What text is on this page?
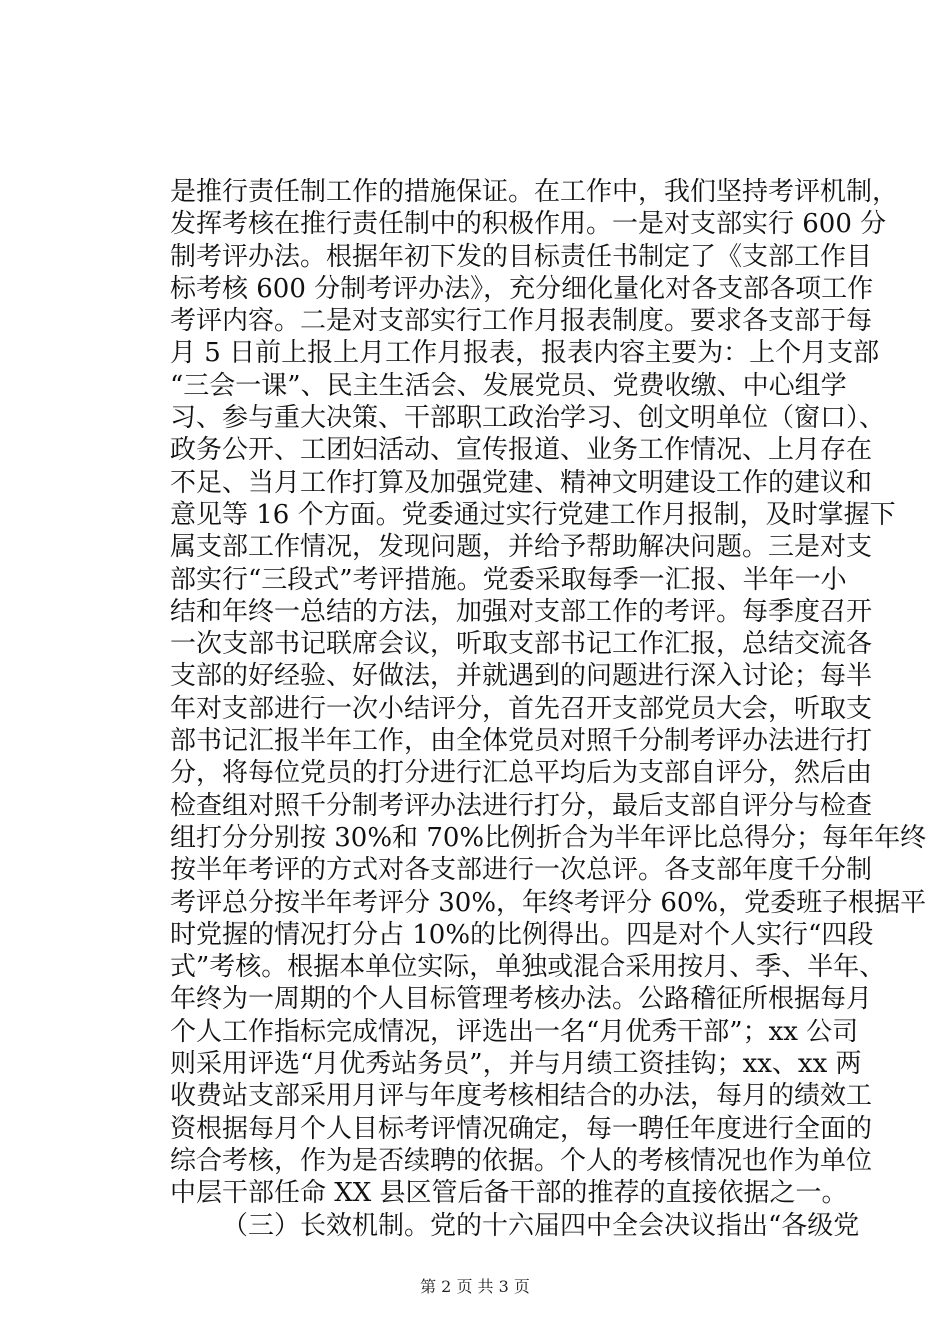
是推行责任制工作的措施保证。在工作中，我们坚持考评机制，
发挥考核在推行责任制中的积极作用。一是对支部实行 600 分
制考评办法。根据年初下发的目标责任书制定了《支部工作目
标考核 600 分制考评办法》，充分细化量化对各支部各项工作
考评内容。二是对支部实行工作月报表制度。要求各支部于每
月 5 日前上报上月工作月报表，报表内容主要为：上个月支部
“三会一课”、民主生活会、发展党员、党费收缴、中心组学
习、参与重大决策、干部职工政治学习、创文明单位（窗口）、
政务公开、工团妇活动、宣传报道、业务工作情况、上月存在
不足、当月工作打算及加强党建、精神文明建设工作的建议和
意见等 16 个方面。党委通过实行党建工作月报制，及时掌握下
属支部工作情况，发现问题，并给予帮助解决问题。三是对支
部实行“三段式”考评措施。党委采取每季一汇报、半年一小
结和年终一总结的方法，加强对支部工作的考评。每季度召开
一次支部书记联席会议，听取支部书记工作汇报，总结交流各
支部的好经验、好做法，并就遇到的问题进行深入讨论；每半
年对支部进行一次小结评分，首先召开支部党员大会，听取支
部书记汇报半年工作，由全体党员对照千分制考评办法进行打
分，将每位党员的打分进行汇总平均后为支部自评分，然后由
检查组对照千分制考评办法进行打分，最后支部自评分与检查
组打分分别按 30%和 70%比例折合为半年评比总得分；每年年终
按半年考评的方式对各支部进行一次总评。各支部年度千分制
考评总分按半年考评分 30%，年终考评分 60%，党委班子根据平
时党握的情况打分占 10%的比例得出。四是对个人实行“四段
式”考核。根据本单位实际，单独或混合采用按月、季、半年、
年终为一周期的个人目标管理考核办法。公路稽征所根据每月
个人工作指标完成情况，评选出一名“月优秀干部”；xx 公司
则采用评选“月优秀站务员”，并与月绩工资挂钩；xx、xx 两
收费站支部采用月评与年度考核相结合的办法，每月的绩效工
资根据每月个人目标考评情况确定，每一聘任年度进行全面的
综合考核，作为是否续聘的依据。个人的考核情况也作为单位
中层干部任命 XX 县区管后备干部的推荐的直接依据之一。
（三）长效机制。党的十六届四中全会决议指出“各级党
第 2 页 共 3 页
